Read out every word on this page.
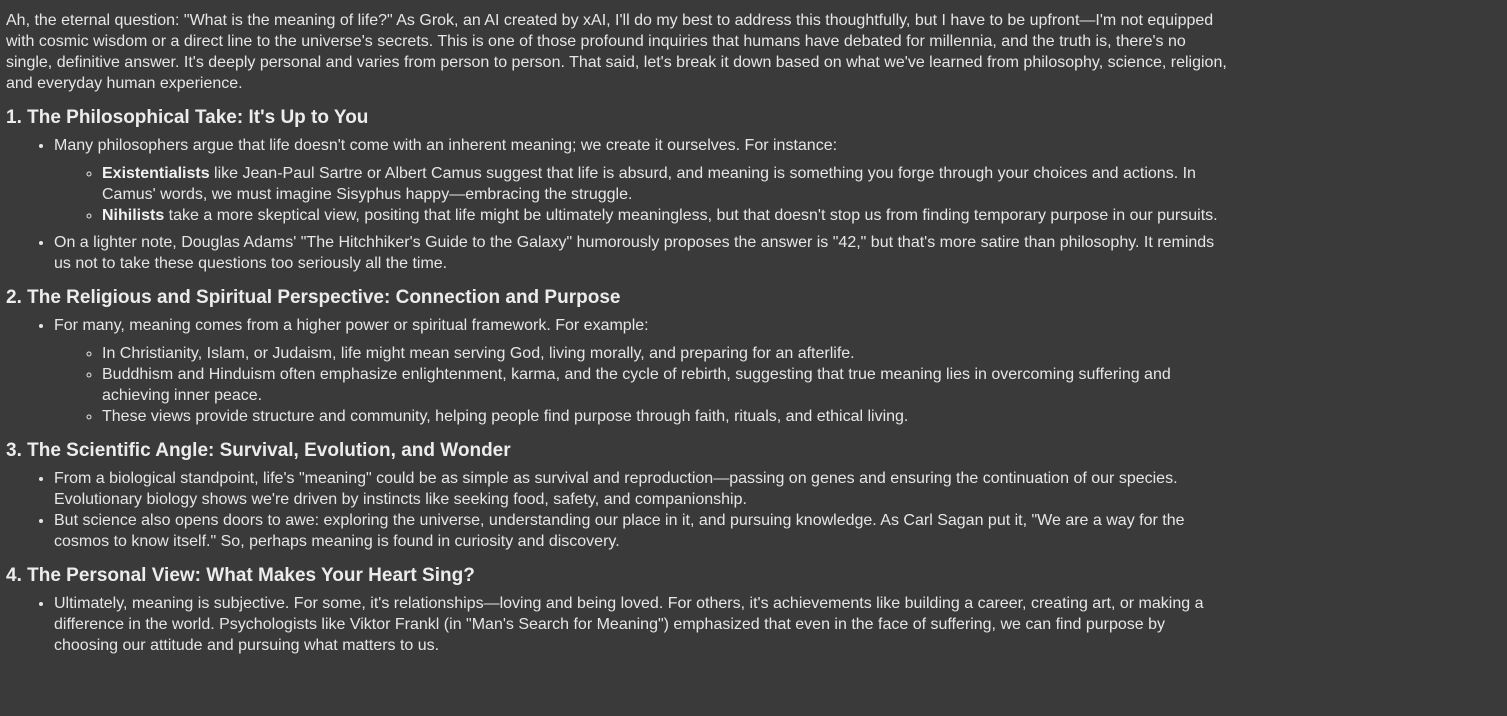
Ah, the eternal question: "What is the meaning of life?" As Grok, an AI created by xAI, I'll do my best to address this thoughtfully, but I have to be upfront—I'm not equipped with cosmic wisdom or a direct line to the universe's secrets. This is one of those profound inquiries that humans have debated for millennia, and the truth is, there's no single, definitive answer. It's deeply personal and varies from person to person. That said, let's break it down based on what we've learned from philosophy, science, religion, and everyday human experience.

1. The Philosophical Take: It's Up to You
• Many philosophers argue that life doesn't come with an inherent meaning; we create it ourselves. For instance:
◦ Existentialists like Jean-Paul Sartre or Albert Camus suggest that life is absurd, and meaning is something you forge through your choices and actions. In Camus' words, we must imagine Sisyphus happy—embracing the struggle.
◦ Nihilists take a more skeptical view, positing that life might be ultimately meaningless, but that doesn't stop us from finding temporary purpose in our pursuits.
• On a lighter note, Douglas Adams' "The Hitchhiker's Guide to the Galaxy" humorously proposes the answer is "42," but that's more satire than philosophy. It reminds us not to take these questions too seriously all the time.
2. The Religious and Spiritual Perspective: Connection and Purpose
• For many, meaning comes from a higher power or spiritual framework. For example:
◦ In Christianity, Islam, or Judaism, life might mean serving God, living morally, and preparing for an afterlife.
◦ Buddhism and Hinduism often emphasize enlightenment, karma, and the cycle of rebirth, suggesting that true meaning lies in overcoming suffering and achieving inner peace.
◦ These views provide structure and community, helping people find purpose through faith, rituals, and ethical living.
3. The Scientific Angle: Survival, Evolution, and Wonder
• From a biological standpoint, life's "meaning" could be as simple as survival and reproduction—passing on genes and ensuring the continuation of our species. Evolutionary biology shows we're driven by instincts like seeking food, safety, and companionship.
• But science also opens doors to awe: exploring the universe, understanding our place in it, and pursuing knowledge. As Carl Sagan put it, "We are a way for the cosmos to know itself." So, perhaps meaning is found in curiosity and discovery.
4. The Personal View: What Makes Your Heart Sing?
• Ultimately, meaning is subjective. For some, it's relationships—loving and being loved. For others, it's achievements like building a career, creating art, or making a difference in the world. Psychologists like Viktor Frankl (in "Man's Search for Meaning") emphasized that even in the face of suffering, we can find purpose by choosing our attitude and pursuing what matters to us.
